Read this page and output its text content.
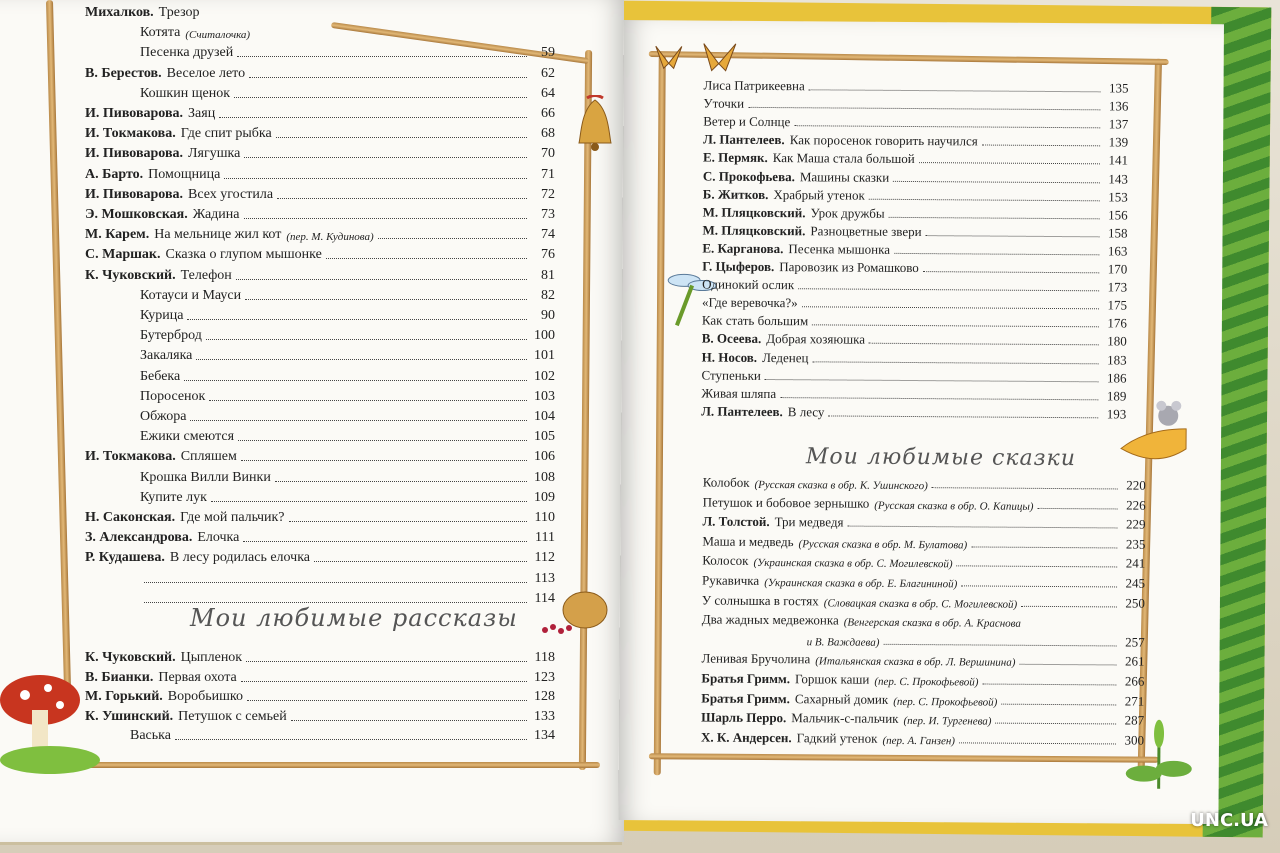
Михалков. Трезор
Котята (Считалочка)
Песенка друзей	59
В. Берестов. Веселое лето	62
Кошкин щенок	64
И. Пивоварова. Заяц	66
И. Токмакова. Где спит рыбка	68
И. Пивоварова. Лягушка	70
А. Барто. Помощница	71
И. Пивоварова. Всех угостила	72
Э. Мошковская. Жадина	73
М. Карем. На мельнице жил кот (пер. М. Кудинова)	74
С. Маршак. Сказка о глупом мышонке	76
К. Чуковский. Телефон	81
Котауси и Мауси	82
Курица	90
Бутерброд	100
Закаляка	101
Бебека	102
Поросенок	103
Обжора	104
Ежики смеются	105
И. Токмакова. Спляшем	106
Крошка Вилли Винки	108
Купите лук	109
Н. Саконская. Где мой пальчик?	110
З. Александрова. Елочка	111
Р. Кудашева. В лесу родилась елочка	112
113
114
Мои любимые рассказы
К. Чуковский. Цыпленок	118
В. Бианки. Первая охота	123
М. Горький. Воробьишко	128
К. Ушинский. Петушок с семьей	133
Васька	134
Лиса Патрикеевна	135
Уточки	136
Ветер и Солнце	137
Л. Пантелеев. Как поросенок говорить научился	139
Е. Пермяк. Как Маша стала большой	141
С. Прокофьева. Машины сказки	143
Б. Житков. Храбрый утенок	153
М. Пляцковский. Урок дружбы	156
М. Пляцковский. Разноцветные звери	158
Е. Карганова. Песенка мышонка	163
Г. Цыферов. Паровозик из Ромашково	170
Одинокий ослик	173
«Где веревочка?»	175
Как стать большим	176
В. Осеева. Добрая хозяюшка	180
Н. Носов. Леденец	183
Ступеньки	186
Живая шляпа	189
Л. Пантелеев. В лесу	193
Мои любимые сказки
Колобок (Русская сказка в обр. К. Ушинского)	220
Петушок и бобовое зернышко (Русская сказка в обр. О. Капицы)	226
Л. Толстой. Три медведя	229
Маша и медведь (Русская сказка в обр. М. Булатова)	235
Колосок (Украинская сказка в обр. С. Могилевской)	241
Рукавичка (Украинская сказка в обр. Е. Благининой)	245
У солнышка в гостях (Словацкая сказка в обр. С. Могилевской)	250
Два жадных медвежонка (Венгерская сказка в обр. А. Краснова
и В. Важдаева)	257
Ленивая Бручолина (Итальянская сказка в обр. Л. Вершинина)	261
Братья Гримм. Горшок каши (пер. С. Прокофьевой)	266
Братья Гримм. Сахарный домик (пер. С. Прокофьевой)	271
Шарль Перро. Мальчик-с-пальчик (пер. И. Тургенева)	287
Х. К. Андерсен. Гадкий утенок (пер. А. Ганзен)	300
UNC.UA
